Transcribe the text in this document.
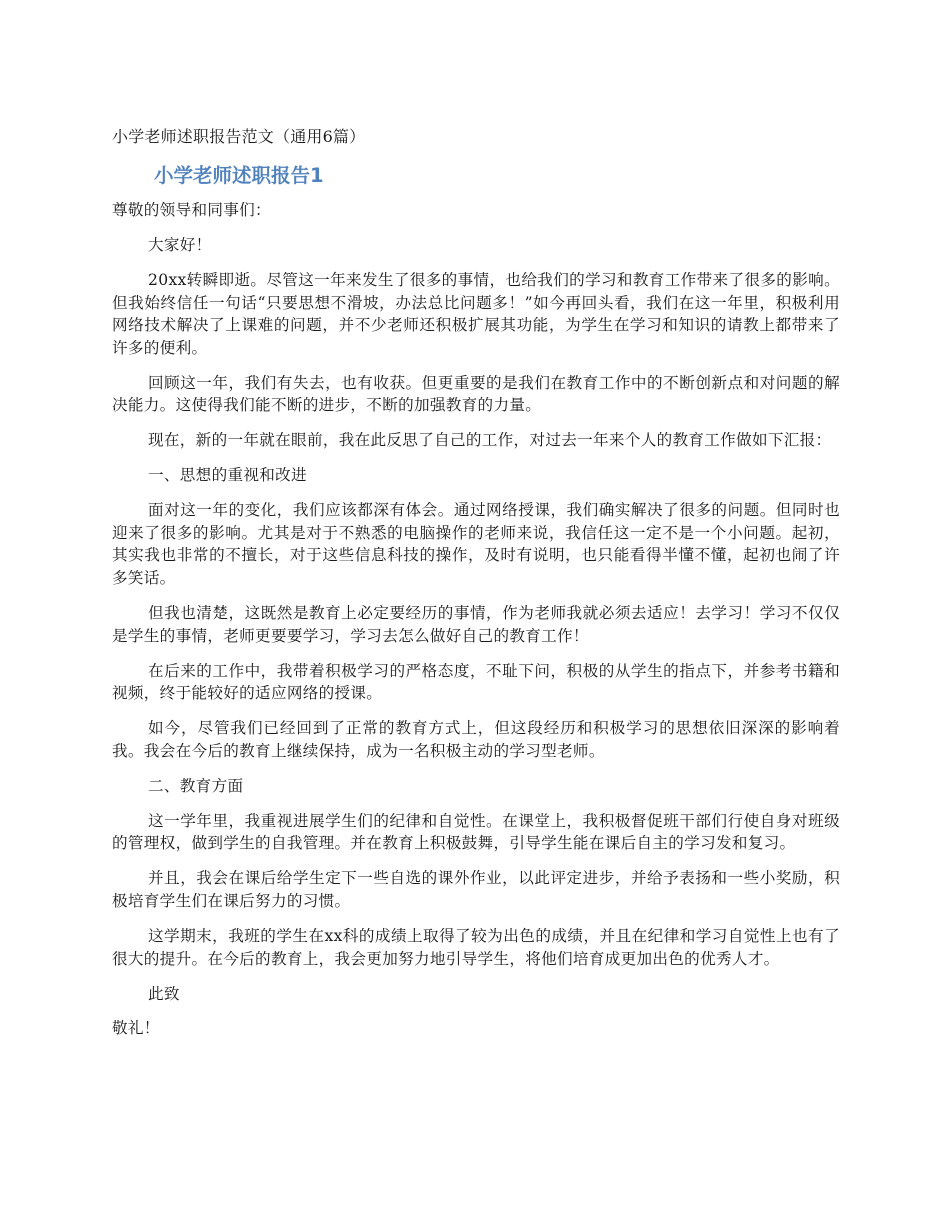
小学老师述职报告范文（通用6篇）
小学老师述职报告1
尊敬的领导和同事们：
大家好！
20xx转瞬即逝。尽管这一年来发生了很多的事情，也给我们的学习和教育工作带来了很多的影响。但我始终信任一句话“只要思想不滑坡，办法总比问题多！”如今再回头看，我们在这一年里，积极利用网络技术解决了上课难的问题，并不少老师还积极扩展其功能，为学生在学习和知识的请教上都带来了许多的便利。
回顾这一年，我们有失去，也有收获。但更重要的是我们在教育工作中的不断创新点和对问题的解决能力。这使得我们能不断的进步，不断的加强教育的力量。
现在，新的一年就在眼前，我在此反思了自己的工作，对过去一年来个人的教育工作做如下汇报：
一、思想的重视和改进
面对这一年的变化，我们应该都深有体会。通过网络授课，我们确实解决了很多的问题。但同时也迎来了很多的影响。尤其是对于不熟悉的电脑操作的老师来说，我信任这一定不是一个小问题。起初，其实我也非常的不擅长，对于这些信息科技的操作，及时有说明，也只能看得半懂不懂，起初也闹了许多笑话。
但我也清楚，这既然是教育上必定要经历的事情，作为老师我就必须去适应！去学习！学习不仅仅是学生的事情，老师更要要学习，学习去怎么做好自己的教育工作！
在后来的工作中，我带着积极学习的严格态度，不耻下问，积极的从学生的指点下，并参考书籍和视频，终于能较好的适应网络的授课。
如今，尽管我们已经回到了正常的教育方式上，但这段经历和积极学习的思想依旧深深的影响着我。我会在今后的教育上继续保持，成为一名积极主动的学习型老师。
二、教育方面
这一学年里，我重视进展学生们的纪律和自觉性。在课堂上，我积极督促班干部们行使自身对班级的管理权，做到学生的自我管理。并在教育上积极鼓舞，引导学生能在课后自主的学习发和复习。
并且，我会在课后给学生定下一些自选的课外作业，以此评定进步，并给予表扬和一些小奖励，积极培育学生们在课后努力的习惯。
这学期末，我班的学生在xx科的成绩上取得了较为出色的成绩，并且在纪律和学习自觉性上也有了很大的提升。在今后的教育上，我会更加努力地引导学生，将他们培育成更加出色的优秀人才。
此致
敬礼！
